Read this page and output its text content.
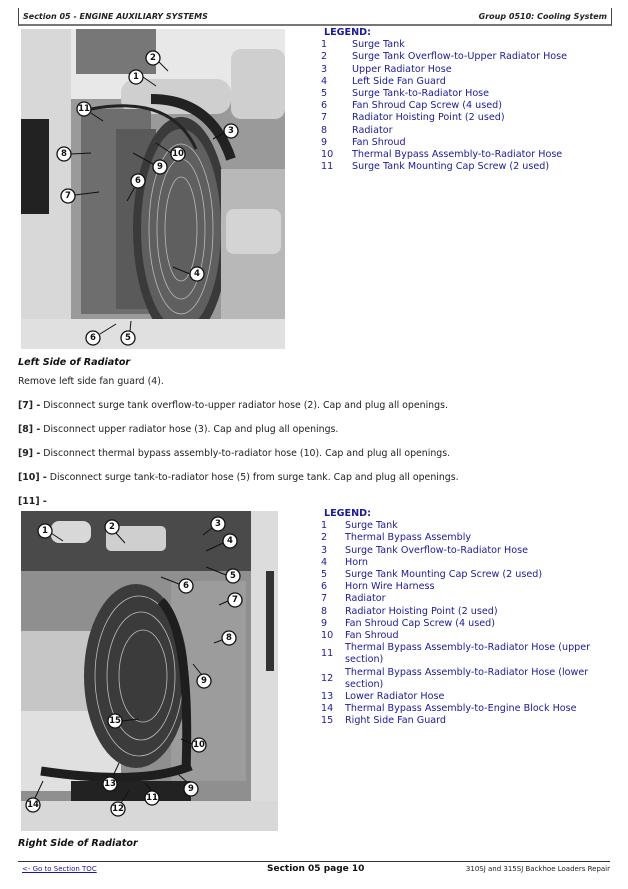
Section 05 - ENGINE AUXILIARY SYSTEMS	Group 0510: Cooling System
1
2
3
4
5
6
6
7
8
9
10
11
LEGEND:
1	Surge Tank
2	Surge Tank Overflow-to-Upper Radiator Hose
3	Upper Radiator Hose
4	Left Side Fan Guard
5	Surge Tank-to-Radiator Hose
6	Fan Shroud Cap Screw (4 used)
7	Radiator Hoisting Point (2 used)
8	Radiator
9	Fan Shroud
10	Thermal Bypass Assembly-to-Radiator Hose
11	Surge Tank Mounting Cap Screw (2 used)
Left Side of Radiator
Remove left side fan guard (4).
[7] - Disconnect surge tank overflow-to-upper radiator hose (2). Cap and plug all openings.
[8] - Disconnect upper radiator hose (3). Cap and plug all openings.
[9] - Disconnect thermal bypass assembly-to-radiator hose (10). Cap and plug all openings.
[10] - Disconnect surge tank-to-radiator hose (5) from surge tank. Cap and plug all openings.
[11] -
1	2	3
4
5
6
7
8
9
9
10
11
12
13
14
15
LEGEND:
1	Surge Tank
2	Thermal Bypass Assembly
3	Surge Tank Overflow-to-Radiator Hose
4	Horn
5	Surge Tank Mounting Cap Screw (2 used)
6	Horn Wire Harness
7	Radiator
8	Radiator Hoisting Point (2 used)
9	Fan Shroud Cap Screw (4 used)
10	Fan Shroud
11
Thermal Bypass Assembly-to-Radiator Hose (upper section)
12
Thermal Bypass Assembly-to-Radiator Hose (lower section)
13	Lower Radiator Hose
14	Thermal Bypass Assembly-to-Engine Block Hose
15	Right Side Fan Guard
Right Side of Radiator
<- Go to Section TOC	Section 05 page 10	310SJ and 315SJ Backhoe Loaders Repair
